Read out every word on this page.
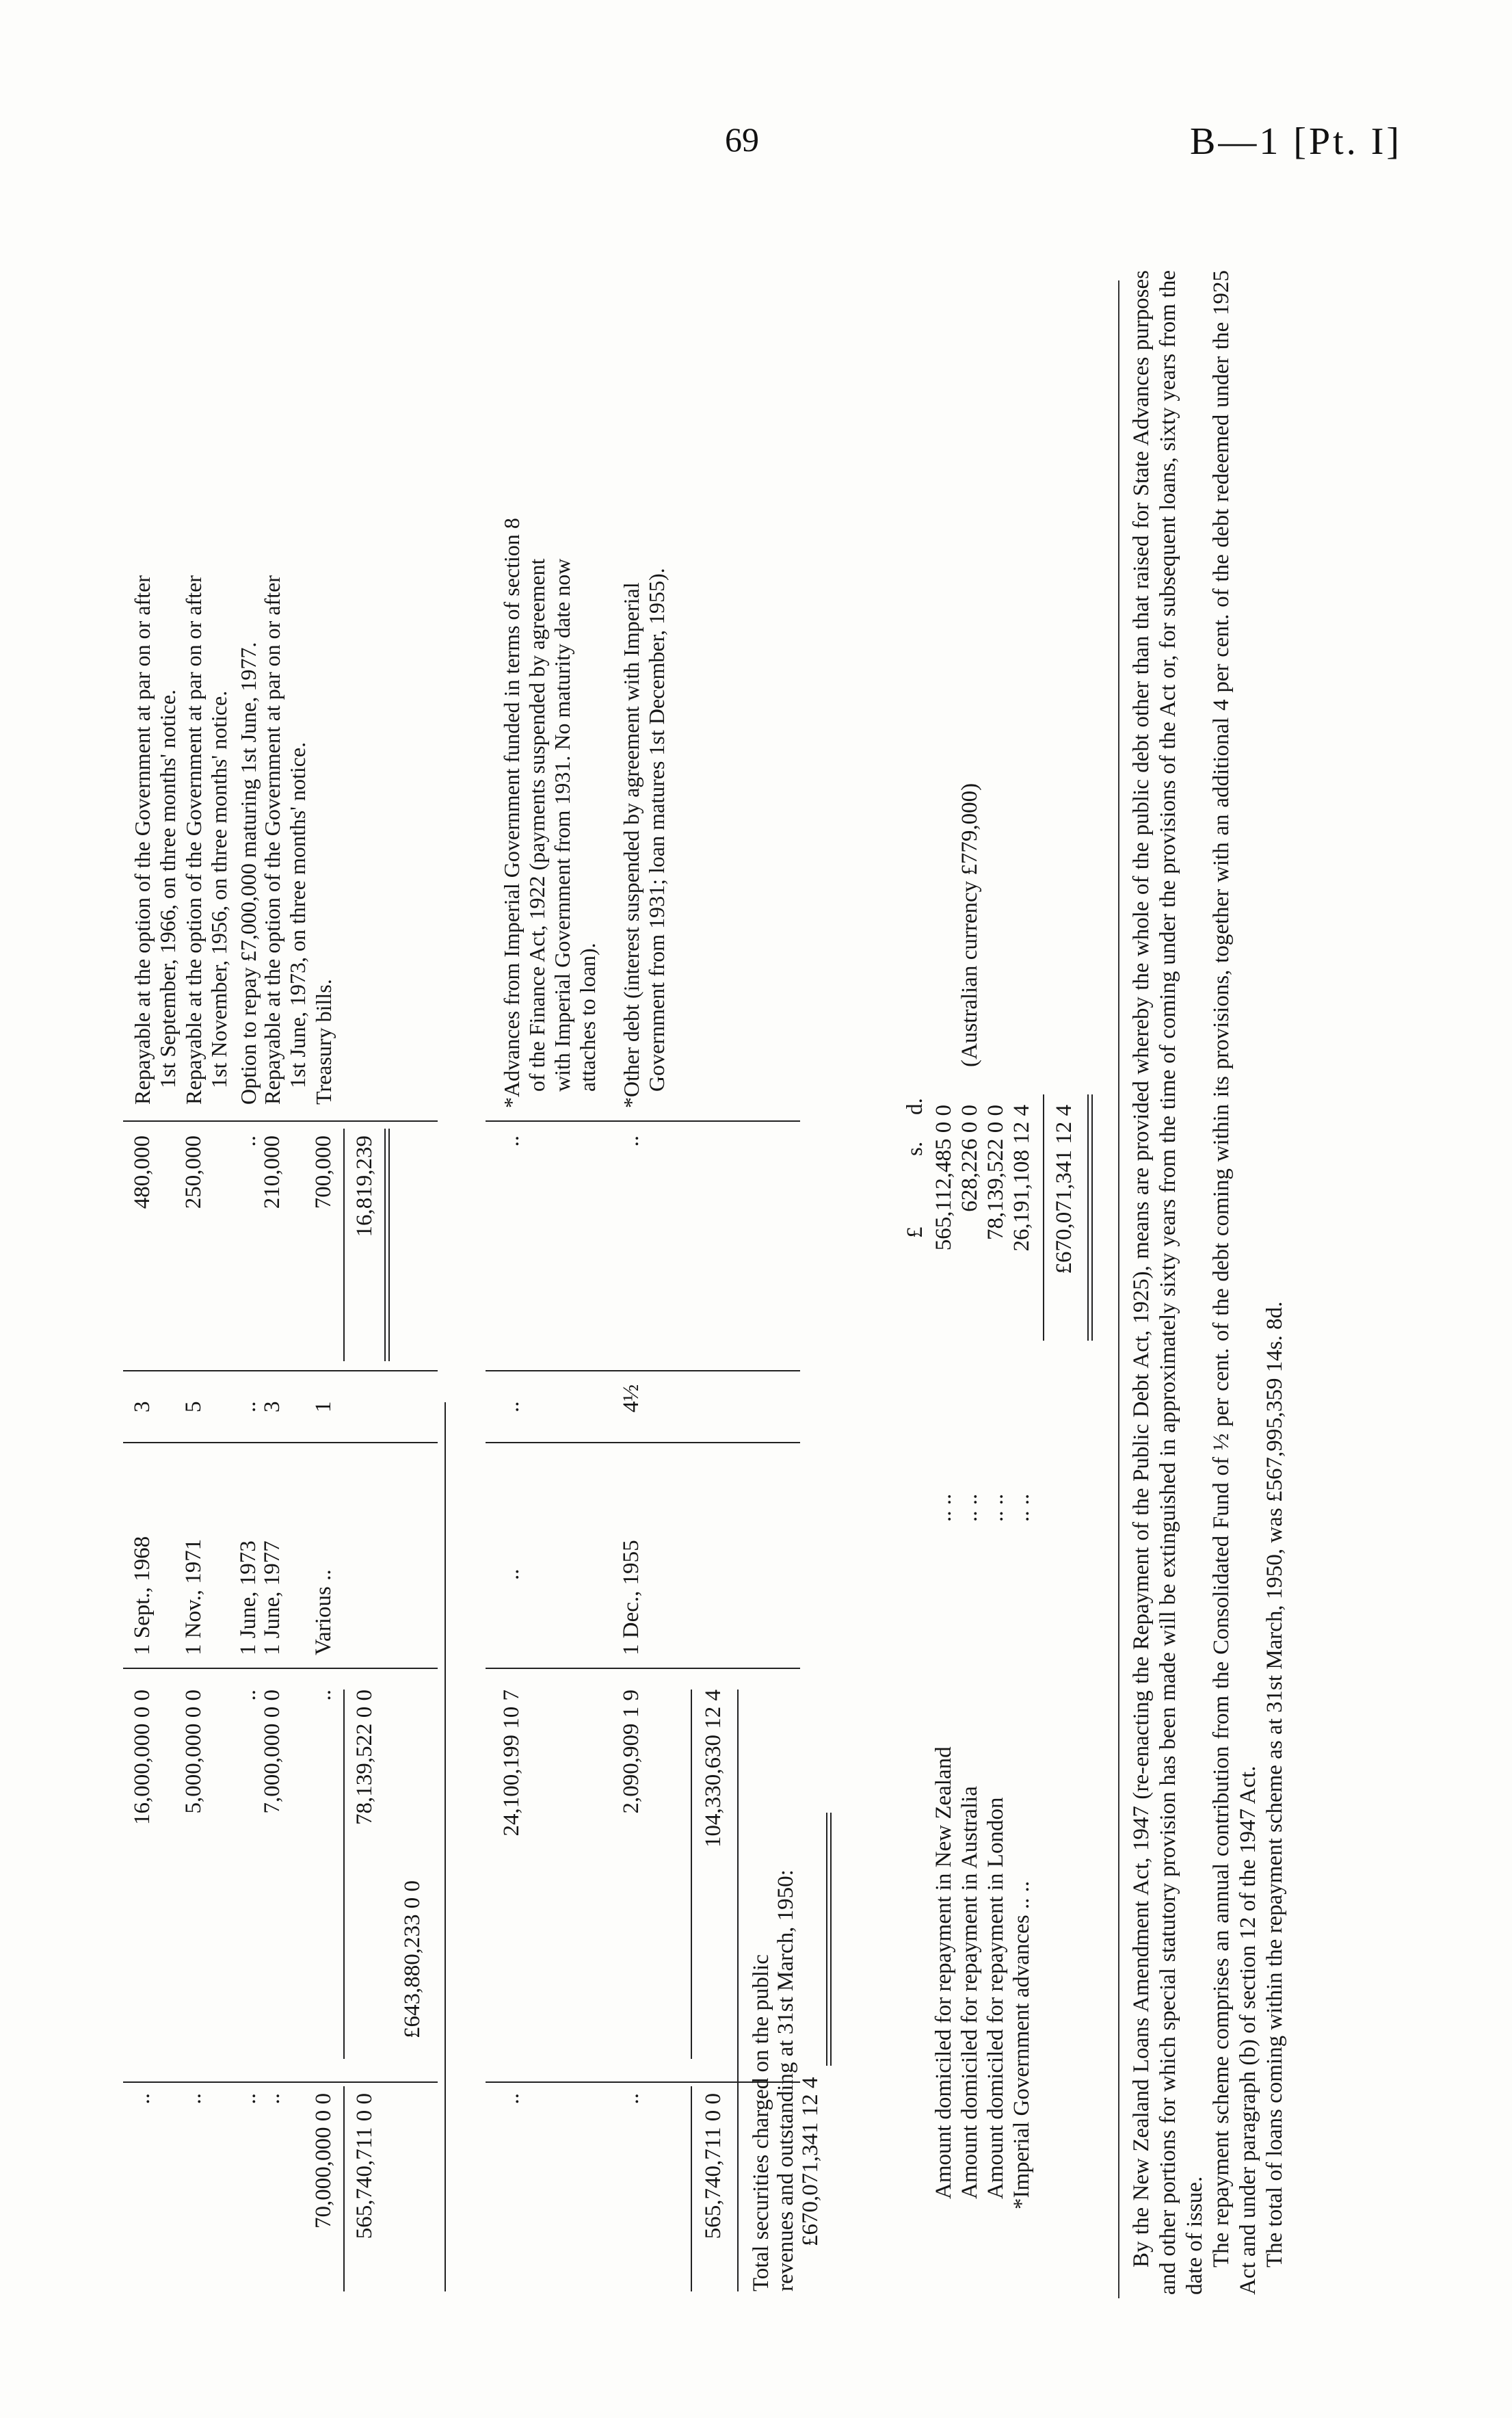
69	B—1 [Pt. I]
..
16,000,000 0 0
1 Sept., 1968
3
480,000
Repayable at the option of the Government at par on or after
1st September, 1966, on three months' notice.
..
5,000,000 0 0
1 Nov., 1971
5
250,000
Repayable at the option of the Government at par on or after
1st November, 1956, on three months' notice.
..
..
1 June, 1973
..
..
Option to repay £7,000,000 maturing 1st June, 1977.
..
7,000,000 0 0
1 June, 1977
3
210,000
Repayable at the option of the Government at par on or after
1st June, 1973, on three months' notice.
70,000,000 0 0
..
Various ..
1
700,000
Treasury bills.
565,740,711 0 0
78,139,522 0 0
16,819,239
£643,880,233 0 0
..
24,100,199 10 7
..
..
..
*Advances from Imperial Government funded in terms of section 8
of the Finance Act, 1922 (payments suspended by agreement
with Imperial Government from 1931. No maturity date now
attaches to loan).
..
2,090,909 1 9
1 Dec., 1955
4½
..
*Other debt (interest suspended by agreement with Imperial
Government from 1931; loan matures 1st December, 1955).
565,740,711 0 0
104,330,630 12 4
Total securities charged on the public
revenues and outstanding at 31st March, 1950:
£670,071,341 12 4
£
s.
d.
Amount domiciled for repayment in New Zealand
.. ..
565,112,485 0 0
Amount domiciled for repayment in Australia
.. ..
628,226 0 0
(Australian currency £779,000)
Amount domiciled for repayment in London
.. ..
78,139,522 0 0
*Imperial Government advances .. ..
.. ..
26,191,108 12 4 £670,071,341 12 4 By the New Zealand Loans Amendment Act, 1947 (re-enacting the Repayment of the Public Debt Act, 1925), means are provided whereby the whole of the public debt other than that raised for State Advances purposes and other portions for which special statutory provision has been made will be extinguished in approximately sixty years from the time of coming under the provisions of the Act or, for subsequent loans, sixty years from the date of issue. The repayment scheme comprises an annual contribution from the Consolidated Fund of ½ per cent. of the debt coming within its provisions, together with an additional 4 per cent. of the debt redeemed under the 1925 Act and under paragraph (b) of section 12 of the 1947 Act. The total of loans coming within the repayment scheme as at 31st March, 1950, was £567,995,359 14s. 8d.
